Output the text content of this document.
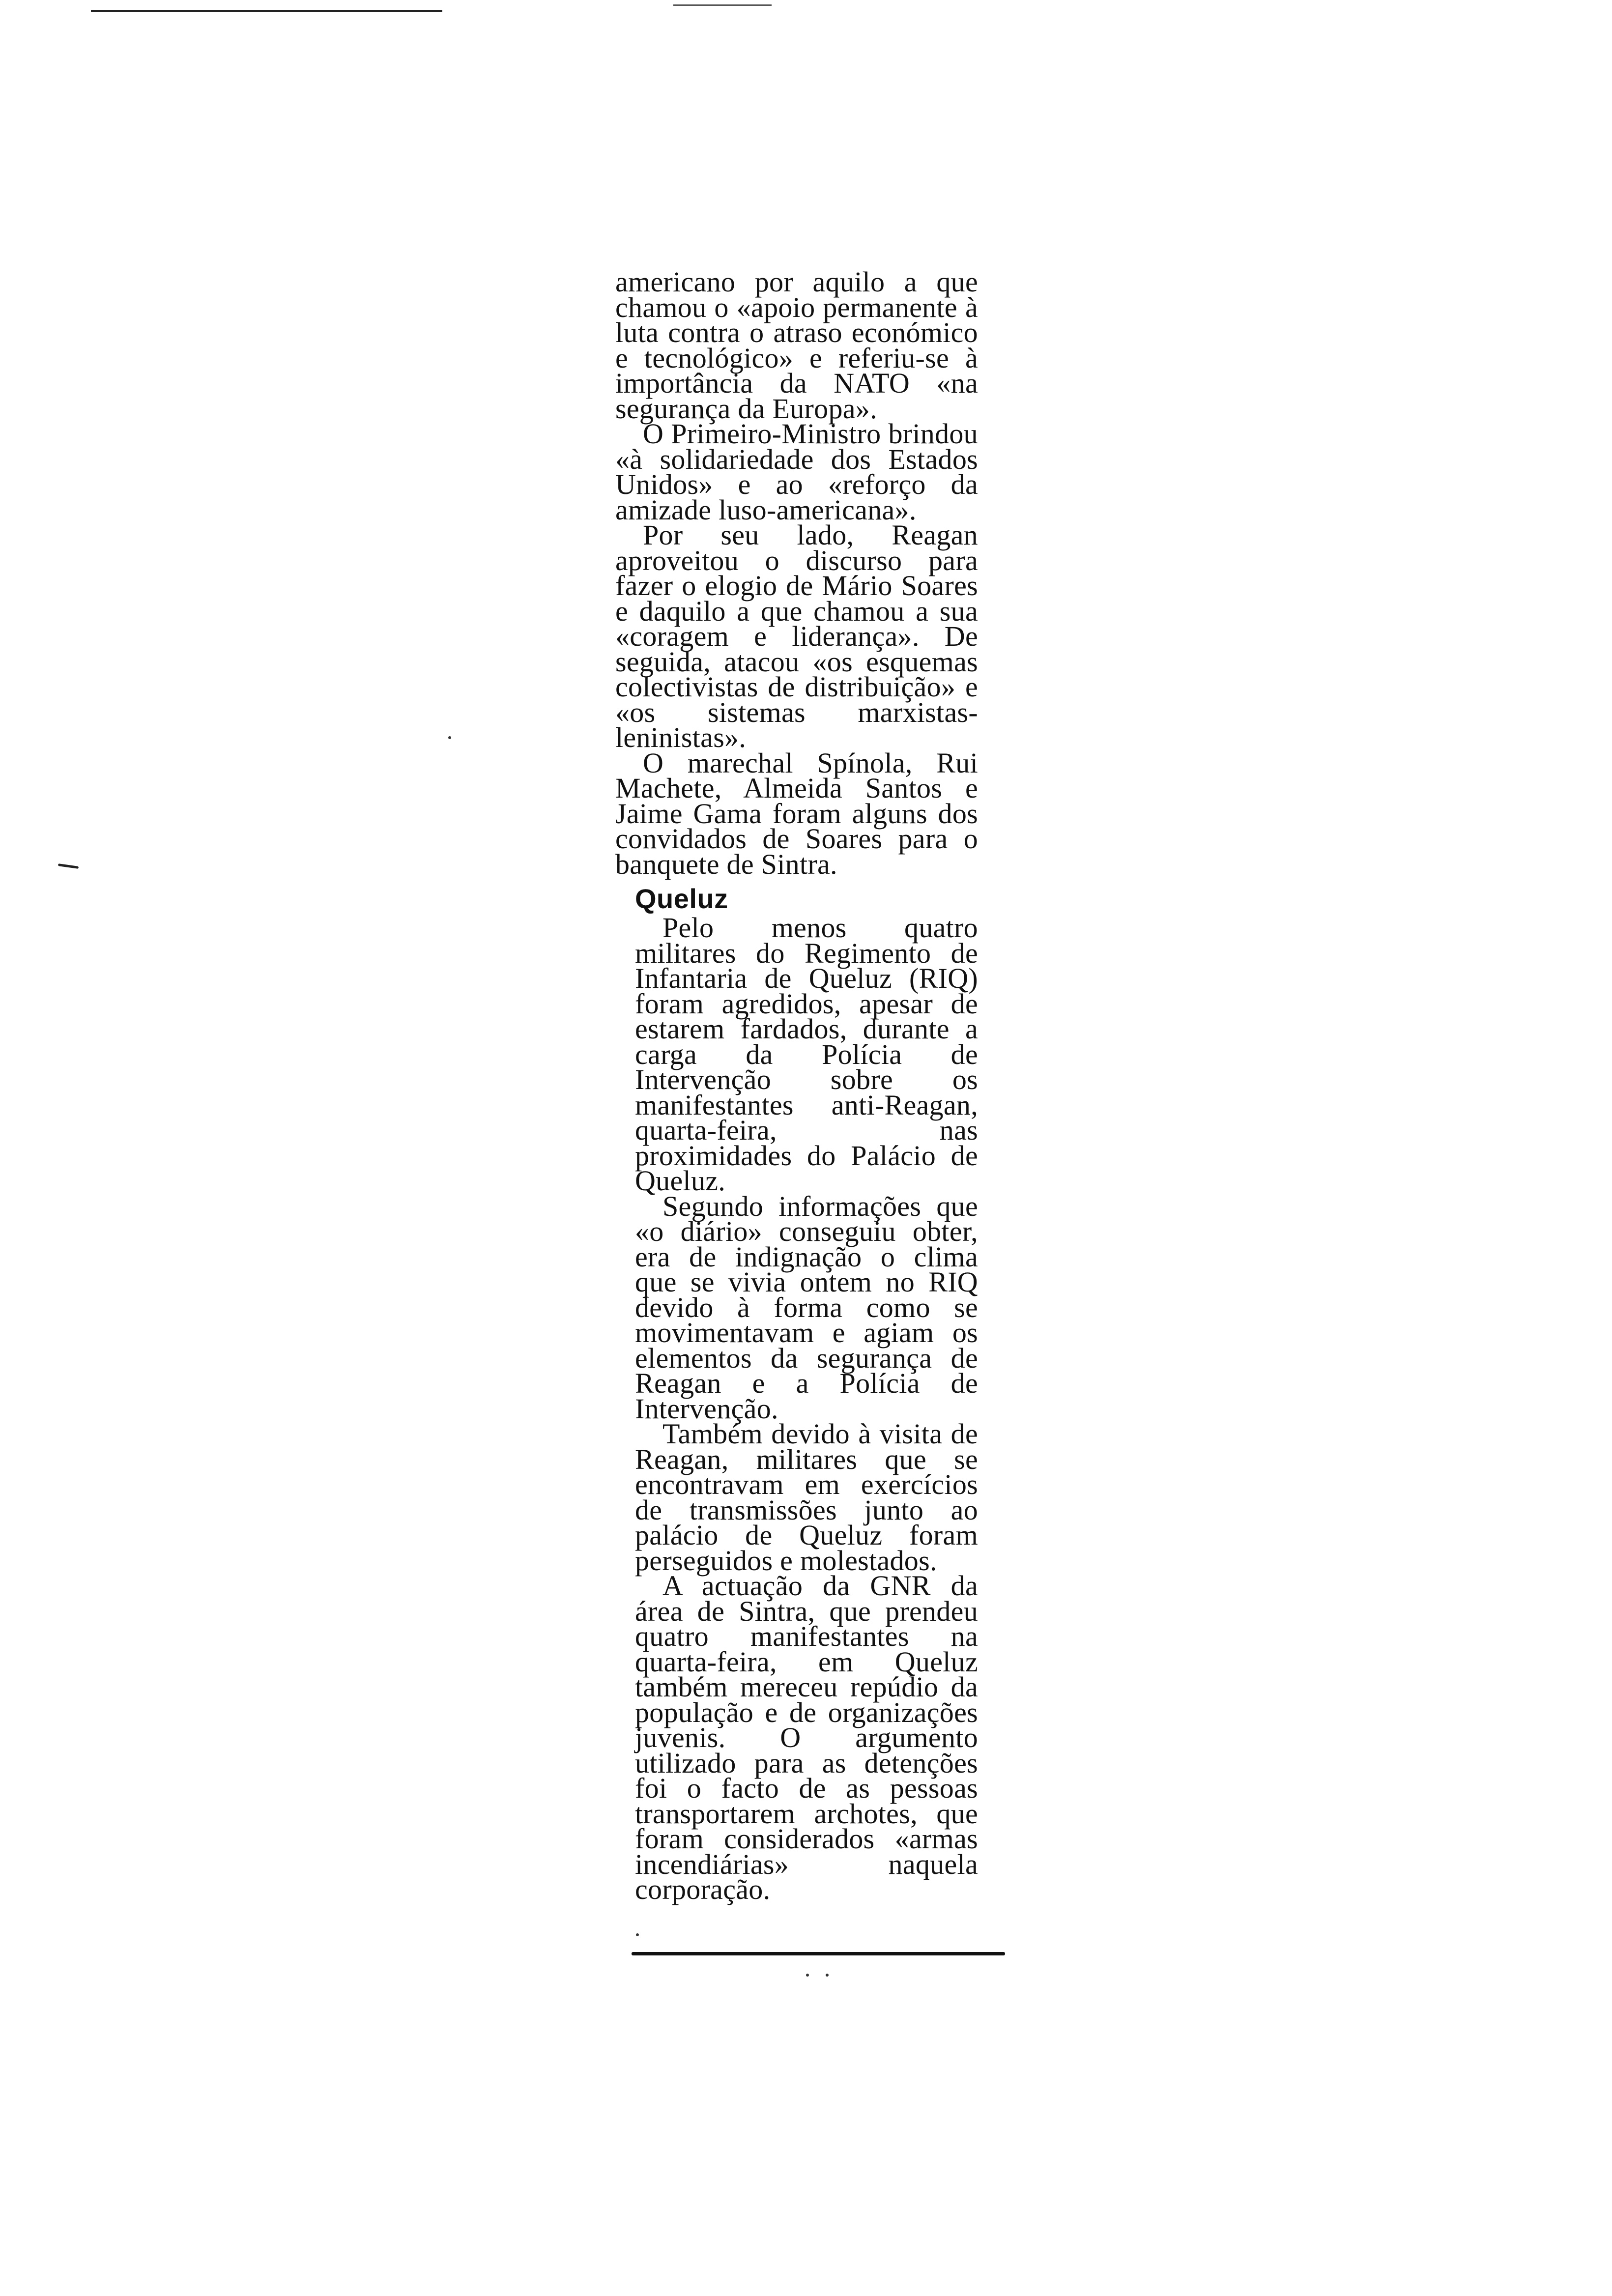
americano por aquilo a que chamou o «apoio permanente à luta contra o atraso económico e tecnológico» e referiu-se à importância da NATO «na segurança da Europa».

O Primeiro-Ministro brindou «à solidariedade dos Estados Unidos» e ao «reforço da amizade luso-americana».

Por seu lado, Reagan aproveitou o discurso para fazer o elogio de Mário Soares e daquilo a que chamou a sua «coragem e liderança». De seguida, atacou «os esquemas colectivistas de distribuição» e «os sistemas marxistas-leninistas».

O marechal Spínola, Rui Machete, Almeida Santos e Jaime Gama foram alguns dos convidados de Soares para o banquete de Sintra.

Queluz

Pelo menos quatro militares do Regimento de Infantaria de Queluz (RIQ) foram agredidos, apesar de estarem fardados, durante a carga da Polícia de Intervenção sobre os manifestantes anti-Reagan, quarta-feira, nas proximidades do Palácio de Queluz.

Segundo informações que «o diário» conseguiu obter, era de indignação o clima que se vivia ontem no RIQ devido à forma como se movimentavam e agiam os elementos da segurança de Reagan e a Polícia de Intervenção.

Também devido à visita de Reagan, militares que se encontravam em exercícios de transmissões junto ao palácio de Queluz foram perseguidos e molestados.

A actuação da GNR da área de Sintra, que prendeu quatro manifestantes na quarta-feira, em Queluz também mereceu repúdio da população e de organizações juvenis. O argumento utilizado para as detenções foi o facto de as pessoas transportarem archotes, que foram considerados «armas incendiárias» naquela corporação.
